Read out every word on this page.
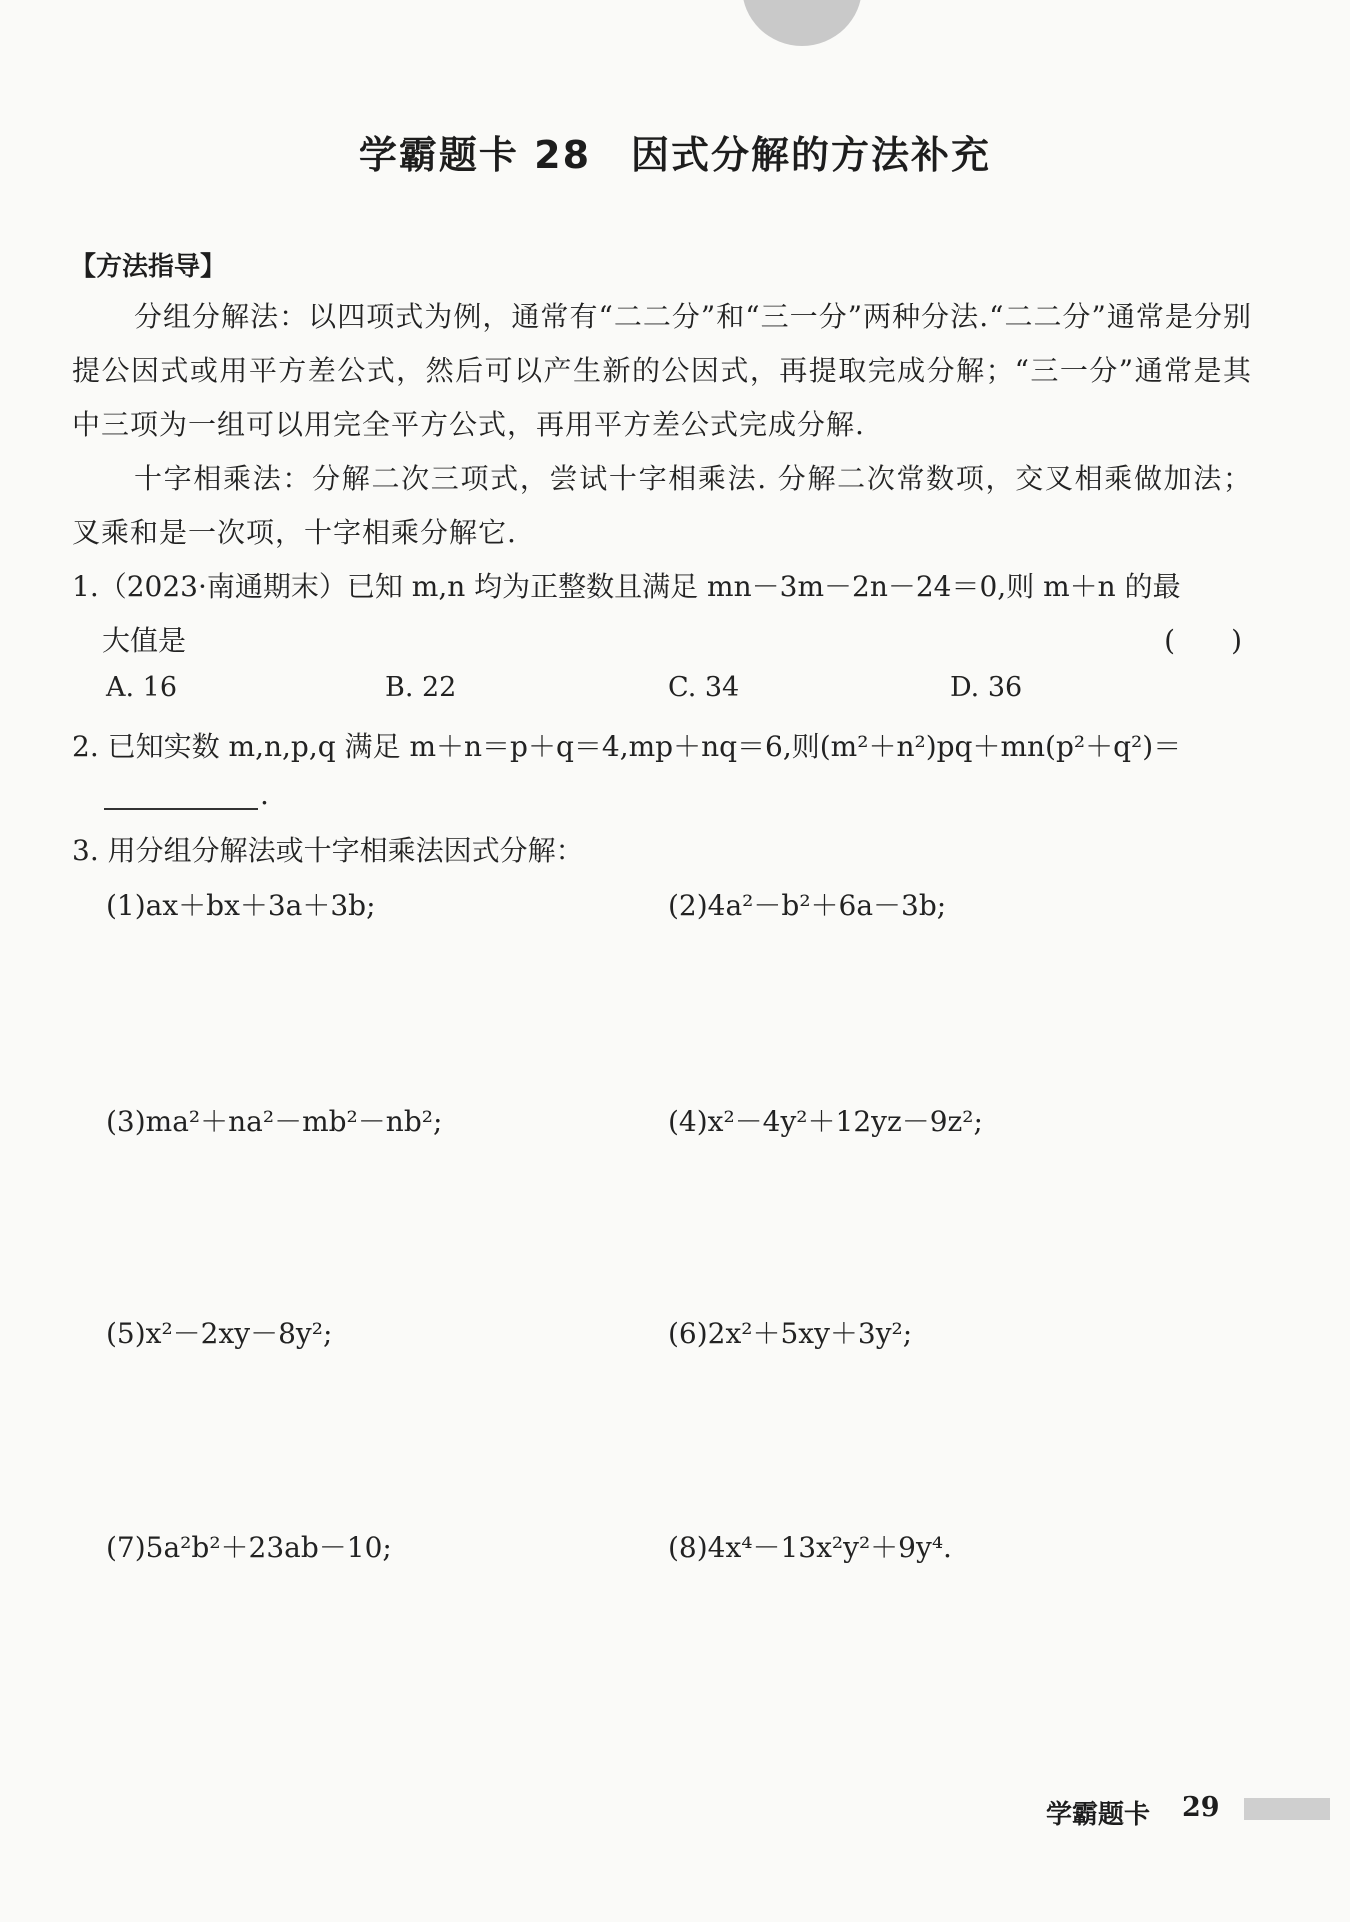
学霸题卡 28 因式分解的方法补充
【方法指导】
分组分解法：以四项式为例，通常有“二二分”和“三一分”两种分法.“二二分”通常是分别提公因式或用平方差公式，然后可以产生新的公因式，再提取完成分解；“三一分”通常是其中三项为一组可以用完全平方公式，再用平方差公式完成分解.
十字相乘法：分解二次三项式，尝试十字相乘法. 分解二次常数项，交叉相乘做加法；叉乘和是一次项，十字相乘分解它.
1.（2023·南通期末）已知 m,n 均为正整数且满足 mn－3m－2n－24＝0,则 m＋n 的最
大值是	(　　)
A. 16	B. 22	C. 34	D. 36
2. 已知实数 m,n,p,q 满足 m＋n＝p＋q＝4,mp＋nq＝6,则(m²＋n²)pq＋mn(p²＋q²)＝
.
3. 用分组分解法或十字相乘法因式分解：
(1)ax＋bx＋3a＋3b;	(2)4a²－b²＋6a－3b;
(3)ma²＋na²－mb²－nb²;	(4)x²－4y²＋12yz－9z²;
(5)x²－2xy－8y²;	(6)2x²＋5xy＋3y²;
(7)5a²b²＋23ab－10;	(8)4x⁴－13x²y²＋9y⁴.
学霸题卡 29
